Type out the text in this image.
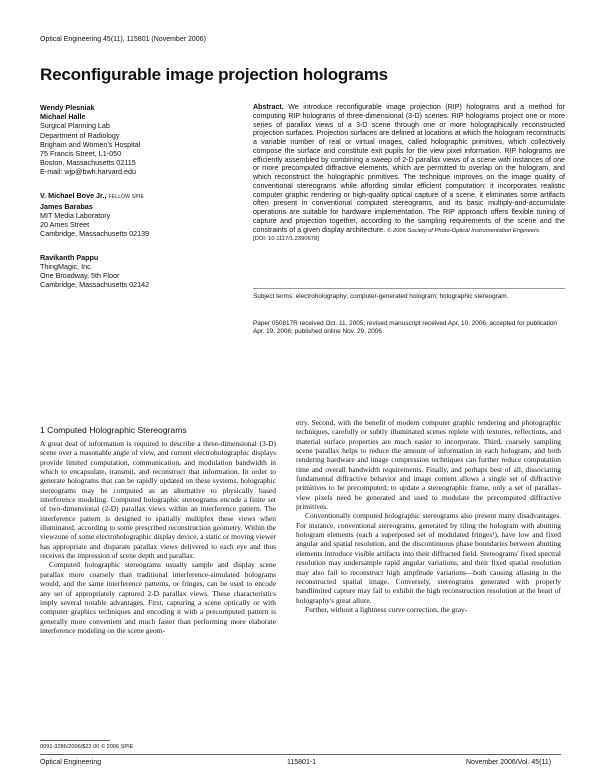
Optical Engineering 45(11), 115801 (November 2006)
Reconfigurable image projection holograms
Wendy Plesniak
Michael Halle
Surgical Planning Lab
Department of Radiology
Brigham and Women's Hospital
75 Francis Street, L1-050
Boston, Massachusetts 02115
E-mail: wjp@bwh.harvard.edu
V. Michael Bove Jr., FELLOW SPIE
James Barabas
MIT Media Laboratory
20 Ames Street
Cambridge, Massachusetts 02139
Ravikanth Pappu
ThingMagic, Inc.
One Broadway, 5th Floor
Cambridge, Massachusetts 02142
Abstract. We introduce reconfigurable image projection (RIP) holograms and a method for computing RIP holograms of three-dimensional (3-D) scenes. RIP holograms project one or more series of parallax views of a 3-D scene through one or more holographically reconstructed projection surfaces. Projection surfaces are defined at locations at which the hologram reconstructs a variable number of real or virtual images, called holographic primitives, which collectively compose the surface and constitute exit pupils for the view pixel information. RIP holograms are efficiently assembled by combining a sweep of 2-D parallax views of a scene with instances of one or more precomputed diffractive elements, which are permitted to overlap on the hologram, and which reconstruct the holographic primitives. The technique improves on the image quality of conventional stereograms while affording similar efficient computation: it incorporates realistic computer graphic rendering or high-quality optical capture of a scene, it eliminates some artifacts often present in conventional computed stereograms, and its basic multiply-and-accumulate operations are suitable for hardware implementation. The RIP approach offers flexible tuning of capture and projection together, according to the sampling requirements of the scene and the constraints of a given display architecture. © 2006 Society of Photo-Optical Instrumentation Engineers.
[DOI: 10.1117/1.2390678]
Subject terms: electroholography; computer-generated hologram; holographic stereogram.
Paper 050817R received Oct. 11, 2005; revised manuscript received Apr. 10, 2006; accepted for publication Apr. 19, 2006; published online Nov. 29, 2006.
1 Computed Holographic Stereograms

A great deal of information is required to describe a three-dimensional (3-D) scene over a reasonable angle of view, and current electroholographic displays provide limited computation, communication, and modulation bandwidth in which to encapsulate, transmit, and reconstruct that information. In order to generate holograms that can be rapidly updated on these systems, holographic stereograms may be computed as an alternative to physically based interference modeling. Computed holographic stereograms encode a finite set of two-dimensional (2-D) parallax views within an interference pattern. The interference pattern is designed to spatially multiplex these views when illuminated, according to some prescribed reconstruction geometry. Within the viewzone of some electroholographic display device, a static or moving viewer has appropriate and disparate parallax views delivered to each eye and thus receives the impression of scene depth and parallax.

Computed holographic stereograms usually sample and display scene parallax more coarsely than traditional interference-simulated holograms would, and the same interference patterns, or fringes, can be used to encode any set of appropriately captured 2-D parallax views. These characteristics imply several notable advantages. First, capturing a scene optically or with computer graphics techniques and encoding it with a precomputed pattern is generally more convenient and much faster than performing more elaborate interference modeling on the scene geom-

etry. Second, with the benefit of modern computer graphic rendering and photographic techniques, carefully or subtly illuminated scenes replete with textures, reflections, and material surface properties are much easier to incorporate. Third, coarsely sampling scene parallax helps to reduce the amount of information in each hologram, and both rendering hardware and image compression techniques can further reduce computation time and overall bandwidth requirements. Finally, and perhaps best of all, dissociating fundamental diffractive behavior and image content allows a single set of diffractive primitives to be precomputed; to update a stereographic frame, only a set of parallax-view pixels need be generated and used to modulate the precomputed diffractive primitives.

Conventionally computed holographic stereograms also present many disadvantages. For instance, conventional stereograms, generated by tiling the hologram with abutting hologram elements (each a superposed set of modulated fringes¹), have low and fixed angular and spatial resolution, and the discontinuous phase boundaries between abutting elements introduce visible artifacts into their diffracted field. Stereograms' fixed spectral resolution may undersample rapid angular variations, and their fixed spatial resolution may also fail to reconstruct high amplitude variations—both causing aliasing in the reconstructed spatial image. Conversely, stereograms generated with properly bandlimited capture may fail to exhibit the high reconstruction resolution at the heart of holography's great allure.

Further, without a lightness curve correction, the gray-

0091-3286/2006/$22.00 © 2006 SPIE
Optical Engineering	115801-1	November 2006/Vol. 45(11)
